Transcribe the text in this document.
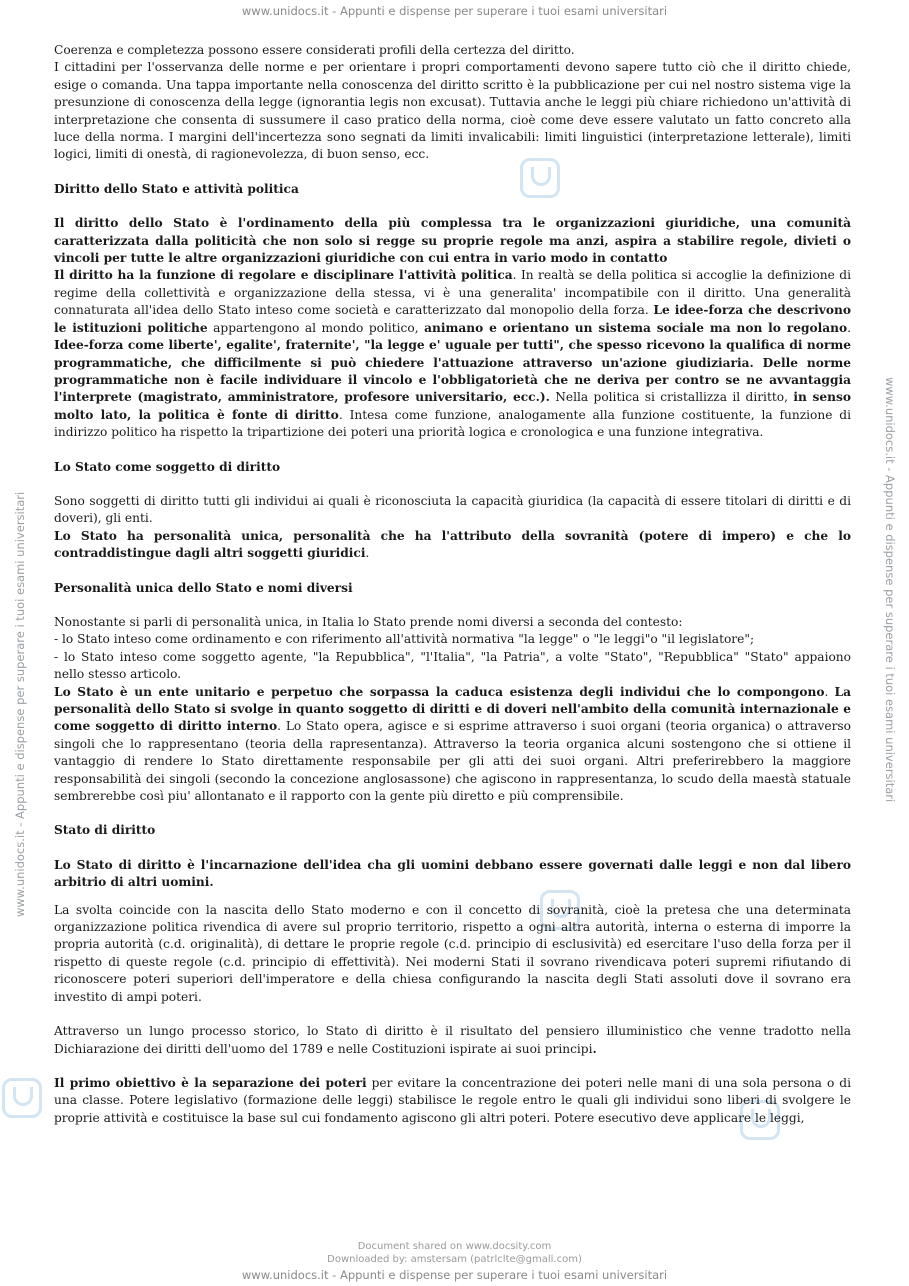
www.unidocs.it - Appunti e dispense per superare i tuoi esami universitari
www.unidocs.it - Appunti e dispense per superare i tuoi esami universitari	www.unidocs.it - Appunti e dispense per superare i tuoi esami universitari

Coerenza e completezza possono essere considerati profili della certezza del diritto.

I cittadini per l'osservanza delle norme e per orientare i propri comportamenti devono sapere tutto ciò che il diritto chiede, esige o comanda. Una tappa importante nella conoscenza del diritto scritto è la pubblicazione per cui nel nostro sistema vige la presunzione di conoscenza della legge (ignorantia legis non excusat). Tuttavia anche le leggi più chiare richiedono un'attività di interpretazione che consenta di sussumere il caso pratico della norma, cioè come deve essere valutato un fatto concreto alla luce della norma. I margini dell'incertezza sono segnati da limiti invalicabili: limiti linguistici (interpretazione letterale), limiti logici, limiti di onestà, di ragionevolezza, di buon senso, ecc.

Diritto dello Stato e attività politica

Il diritto dello Stato è l'ordinamento della più complessa tra le organizzazioni giuridiche, una comunità caratterizzata dalla politicità che non solo si regge su proprie regole ma anzi, aspira a stabilire regole, divieti o vincoli per tutte le altre organizzazioni giuridiche con cui entra in vario modo in contatto

Il diritto ha la funzione di regolare e disciplinare l'attività politica. In realtà se della politica si accoglie la definizione di regime della collettività e organizzazione della stessa, vi è una generalita' incompatibile con il diritto. Una generalità connaturata all'idea dello Stato inteso come società e caratterizzato dal monopolio della forza. Le idee-forza che descrivono le istituzioni politiche appartengono al mondo politico, animano e orientano un sistema sociale ma non lo regolano. Idee-forza come liberte', egalite', fraternite', "la legge e' uguale per tutti", che spesso ricevono la qualifica di norme programmatiche, che difficilmente si può chiedere l'attuazione attraverso un'azione giudiziaria. Delle norme programmatiche non è facile individuare il vincolo e l'obbligatorietà che ne deriva per contro se ne avvantaggia l'interprete (magistrato, amministratore, profesore universitario, ecc.). Nella politica si cristallizza il diritto, in senso molto lato, la politica è fonte di diritto. Intesa come funzione, analogamente alla funzione costituente, la funzione di indirizzo politico ha rispetto la tripartizione dei poteri una priorità logica e cronologica e una funzione integrativa.

Lo Stato come soggetto di diritto

Sono soggetti di diritto tutti gli individui ai quali è riconosciuta la capacità giuridica (la capacità di essere titolari di diritti e di doveri), gli enti.

Lo Stato ha personalità unica, personalità che ha l'attributo della sovranità (potere di impero) e che lo contraddistingue dagli altri soggetti giuridici.

Personalità unica dello Stato e nomi diversi

Nonostante si parli di personalità unica, in Italia lo Stato prende nomi diversi a seconda del contesto:

- lo Stato inteso come ordinamento e con riferimento all'attività normativa "la legge" o "le leggi"o "il legislatore";

- lo Stato inteso come soggetto agente, "la Repubblica", "l'Italia", "la Patria", a volte "Stato", "Repubblica" "Stato" appaiono nello stesso articolo.

Lo Stato è un ente unitario e perpetuo che sorpassa la caduca esistenza degli individui che lo compongono. La personalità dello Stato si svolge in quanto soggetto di diritti e di doveri nell'ambito della comunità internazionale e come soggetto di diritto interno. Lo Stato opera, agisce e si esprime attraverso i suoi organi (teoria organica) o attraverso singoli che lo rappresentano (teoria della rapresentanza). Attraverso la teoria organica alcuni sostengono che si ottiene il vantaggio di rendere lo Stato direttamente responsabile per gli atti dei suoi organi. Altri preferirebbero la maggiore responsabilità dei singoli (secondo la concezione anglosassone) che agiscono in rappresentanza, lo scudo della maestà statuale sembrerebbe così piu' allontanato e il rapporto con la gente più diretto e più comprensibile.

Stato di diritto

Lo Stato di diritto è l'incarnazione dell'idea cha gli uomini debbano essere governati dalle leggi e non dal libero arbitrio di altri uomini.

La svolta coincide con la nascita dello Stato moderno e con il concetto di sovranità, cioè la pretesa che una determinata organizzazione politica rivendica di avere sul proprio territorio, rispetto a ogni altra autorità, interna o esterna di imporre la propria autorità (c.d. originalità), di dettare le proprie regole (c.d. principio di esclusività) ed esercitare l'uso della forza per il rispetto di queste regole (c.d. principio di effettività). Nei moderni Stati il sovrano rivendicava poteri supremi rifiutando di riconoscere poteri superiori dell'imperatore e della chiesa configurando la nascita degli Stati assoluti dove il sovrano era investito di ampi poteri.

Attraverso un lungo processo storico, lo Stato di diritto è il risultato del pensiero illuministico che venne tradotto nella Dichiarazione dei diritti dell'uomo del 1789 e nelle Costituzioni ispirate ai suoi principi.

Il primo obiettivo è la separazione dei poteri per evitare la concentrazione dei poteri nelle mani di una sola persona o di una classe. Potere legislativo (formazione delle leggi) stabilisce le regole entro le quali gli individui sono liberi di svolgere le proprie attività e costituisce la base sul cui fondamento agiscono gli altri poteri. Potere esecutivo deve applicare le leggi,

Document shared on www.docsity.com
Downloaded by: amstersam (patrlclte@gmall.com)
www.unidocs.it - Appunti e dispense per superare i tuoi esami universitari
